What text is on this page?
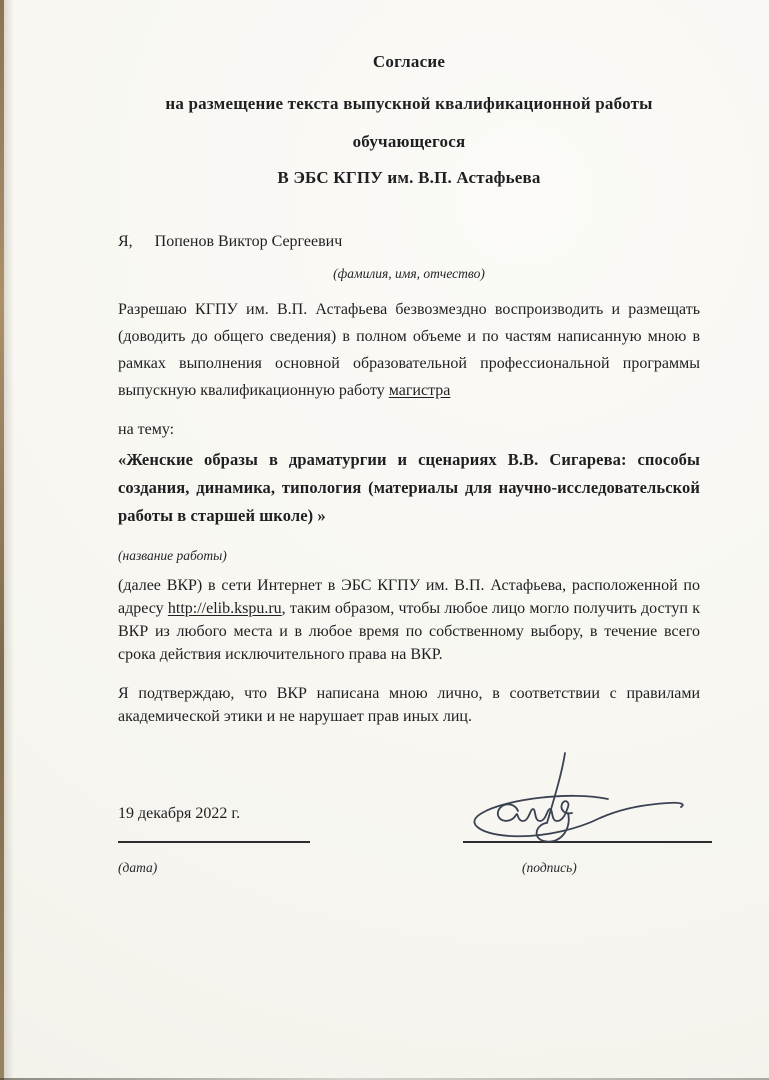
Согласие
на размещение текста выпускной квалификационной работы
обучающегося
В ЭБС КГПУ им. В.П. Астафьева
Я, Попенов Виктор Сергеевич
(фамилия, имя, отчество)

Разрешаю КГПУ им. В.П. Астафьева безвозмездно воспроизводить и размещать (доводить до общего сведения) в полном объеме и по частям написанную мною в рамках выполнения основной образовательной профессиональной программы выпускную квалификационную работу магистра

на тему:

«Женские образы в драматургии и сценариях В.В. Сигарева: способы создания, динамика, типология (материалы для научно-исследовательской работы в старшей школе) »

(название работы)

(далее ВКР) в сети Интернет в ЭБС КГПУ им. В.П. Астафьева, расположенной по адресу http://elib.kspu.ru, таким образом, чтобы любое лицо могло получить доступ к ВКР из любого места и в любое время по собственному выбору, в течение всего срока действия исключительного права на ВКР.

Я подтверждаю, что ВКР написана мною лично, в соответствии с правилами академической этики и не нарушает прав иных лиц.

19 декабря 2022 г.
(дата)	(подпись)
